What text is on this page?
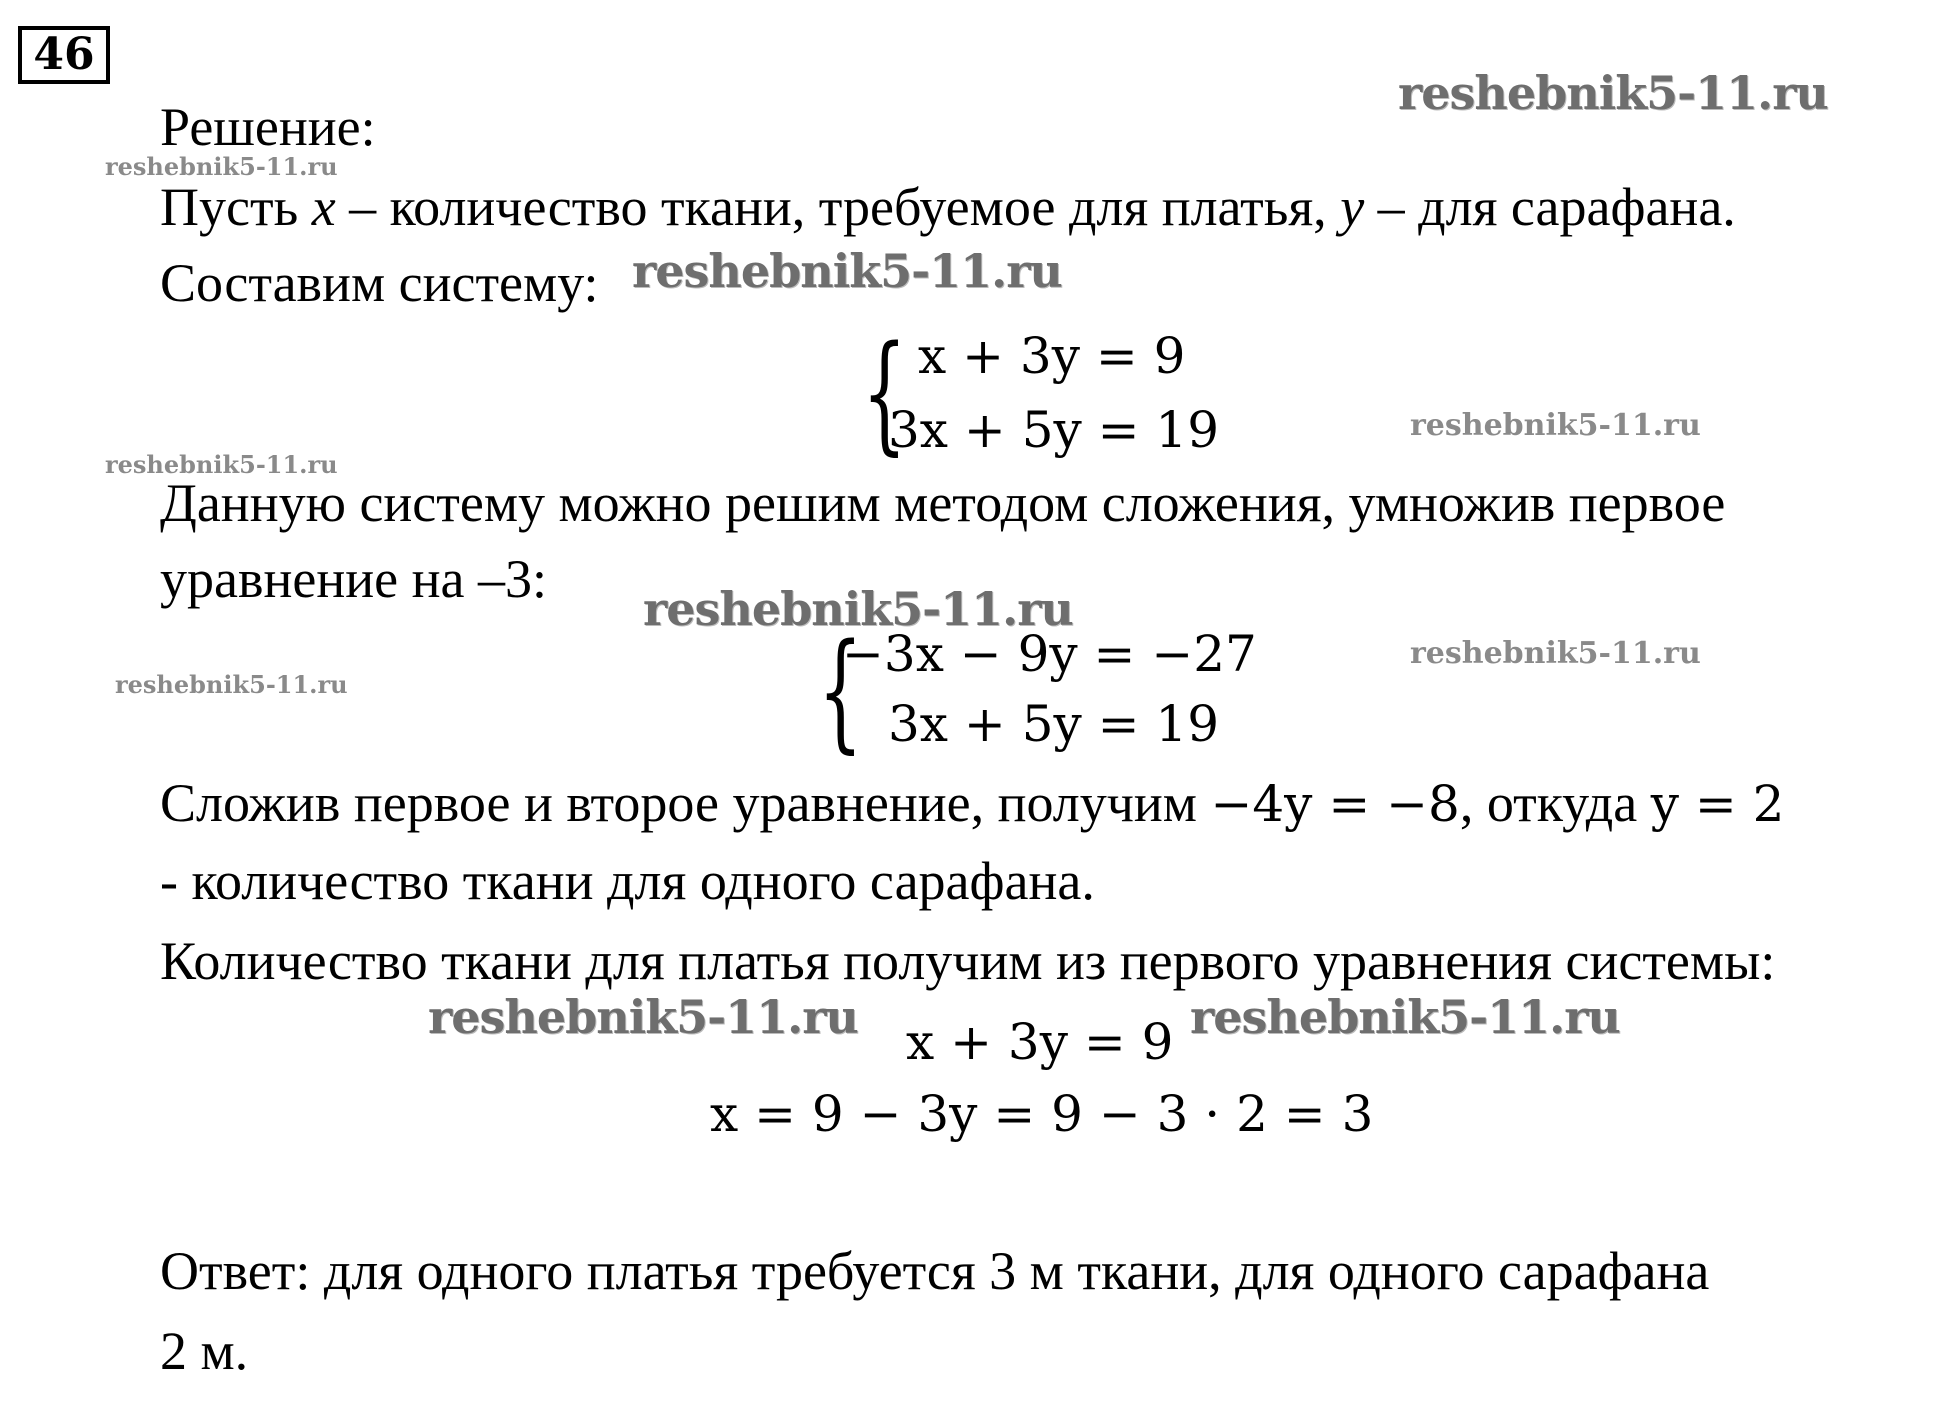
46
reshebnik5-11.ru
reshebnik5-11.ru
reshebnik5-11.ru
reshebnik5-11.ru
reshebnik5-11.ru
reshebnik5-11.ru
reshebnik5-11.ru
reshebnik5-11.ru
reshebnik5-11.ru	reshebnik5-11.ru
Решение:
Пусть x – количество ткани, требуемое для платья, y – для сарафана.
Составим систему:
{ x + 3y = 9
3x + 5y = 19
Данную систему можно решим методом сложения, умножив первое
уравнение на –3:
{
−3x − 9y = −27
3x + 5y = 19
Сложив первое и второе уравнение, получим −4y = −8, откуда y = 2
- количество ткани для одного сарафана.
Количество ткани для платья получим из первого уравнения системы:
x + 3y = 9
x = 9 − 3y = 9 − 3 · 2 = 3
Ответ: для одного платья требуется 3 м ткани, для одного сарафана
2 м.
